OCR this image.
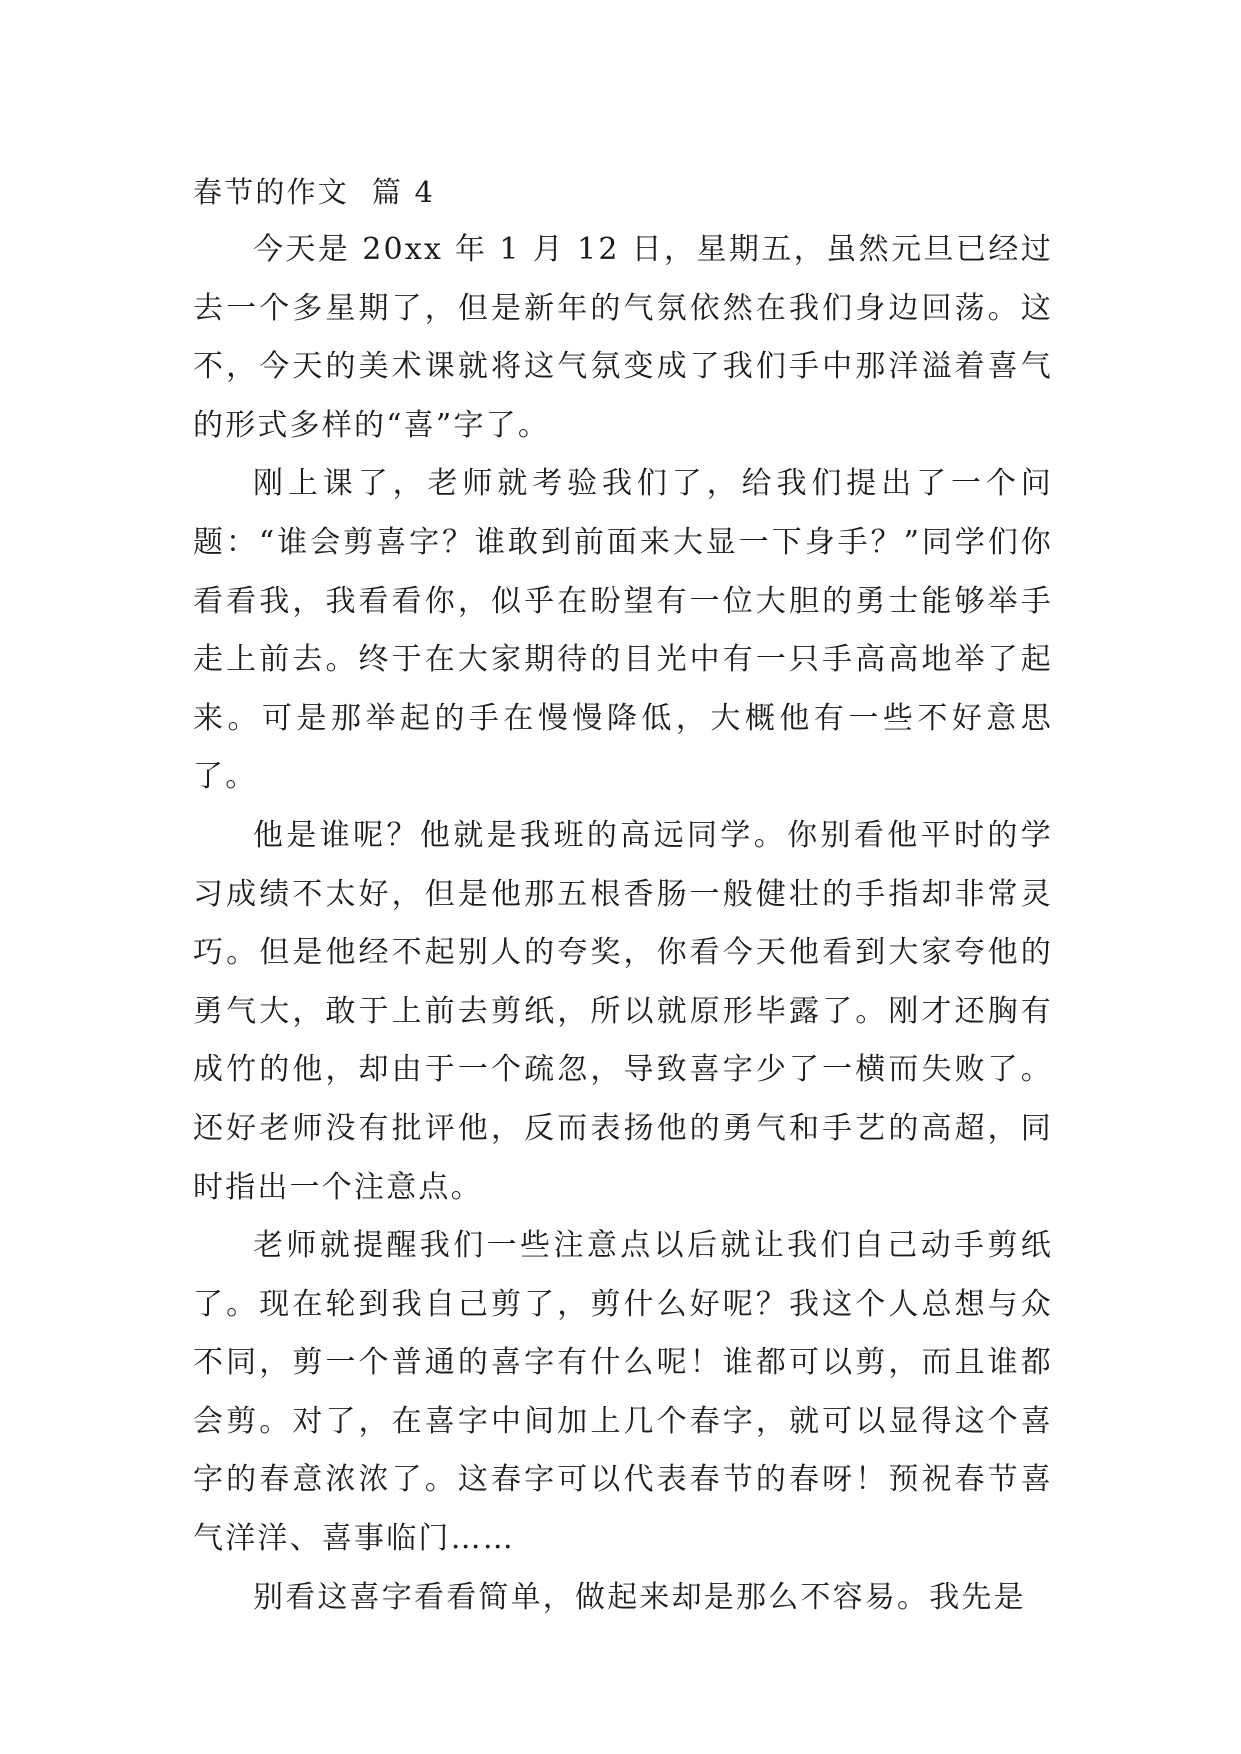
春节的作文  篇 4

今天是 20xx 年 1 月 12 日，星期五，虽然元旦已经过去一个多星期了，但是新年的气氛依然在我们身边回荡。这不，今天的美术课就将这气氛变成了我们手中那洋溢着喜气的形式多样的“喜”字了。

刚上课了，老师就考验我们了，给我们提出了一个问题：“谁会剪喜字？谁敢到前面来大显一下身手？”同学们你看看我，我看看你，似乎在盼望有一位大胆的勇士能够举手走上前去。终于在大家期待的目光中有一只手高高地举了起来。可是那举起的手在慢慢降低，大概他有一些不好意思了。

他是谁呢？他就是我班的高远同学。你别看他平时的学习成绩不太好，但是他那五根香肠一般健壮的手指却非常灵巧。但是他经不起别人的夸奖，你看今天他看到大家夸他的勇气大，敢于上前去剪纸，所以就原形毕露了。刚才还胸有成竹的他，却由于一个疏忽，导致喜字少了一横而失败了。还好老师没有批评他，反而表扬他的勇气和手艺的高超，同时指出一个注意点。

老师就提醒我们一些注意点以后就让我们自己动手剪纸了。现在轮到我自己剪了，剪什么好呢？我这个人总想与众不同，剪一个普通的喜字有什么呢！谁都可以剪，而且谁都会剪。对了，在喜字中间加上几个春字，就可以显得这个喜字的春意浓浓了。这春字可以代表春节的春呀！预祝春节喜气洋洋、喜事临门……

别看这喜字看看简单，做起来却是那么不容易。我先是
